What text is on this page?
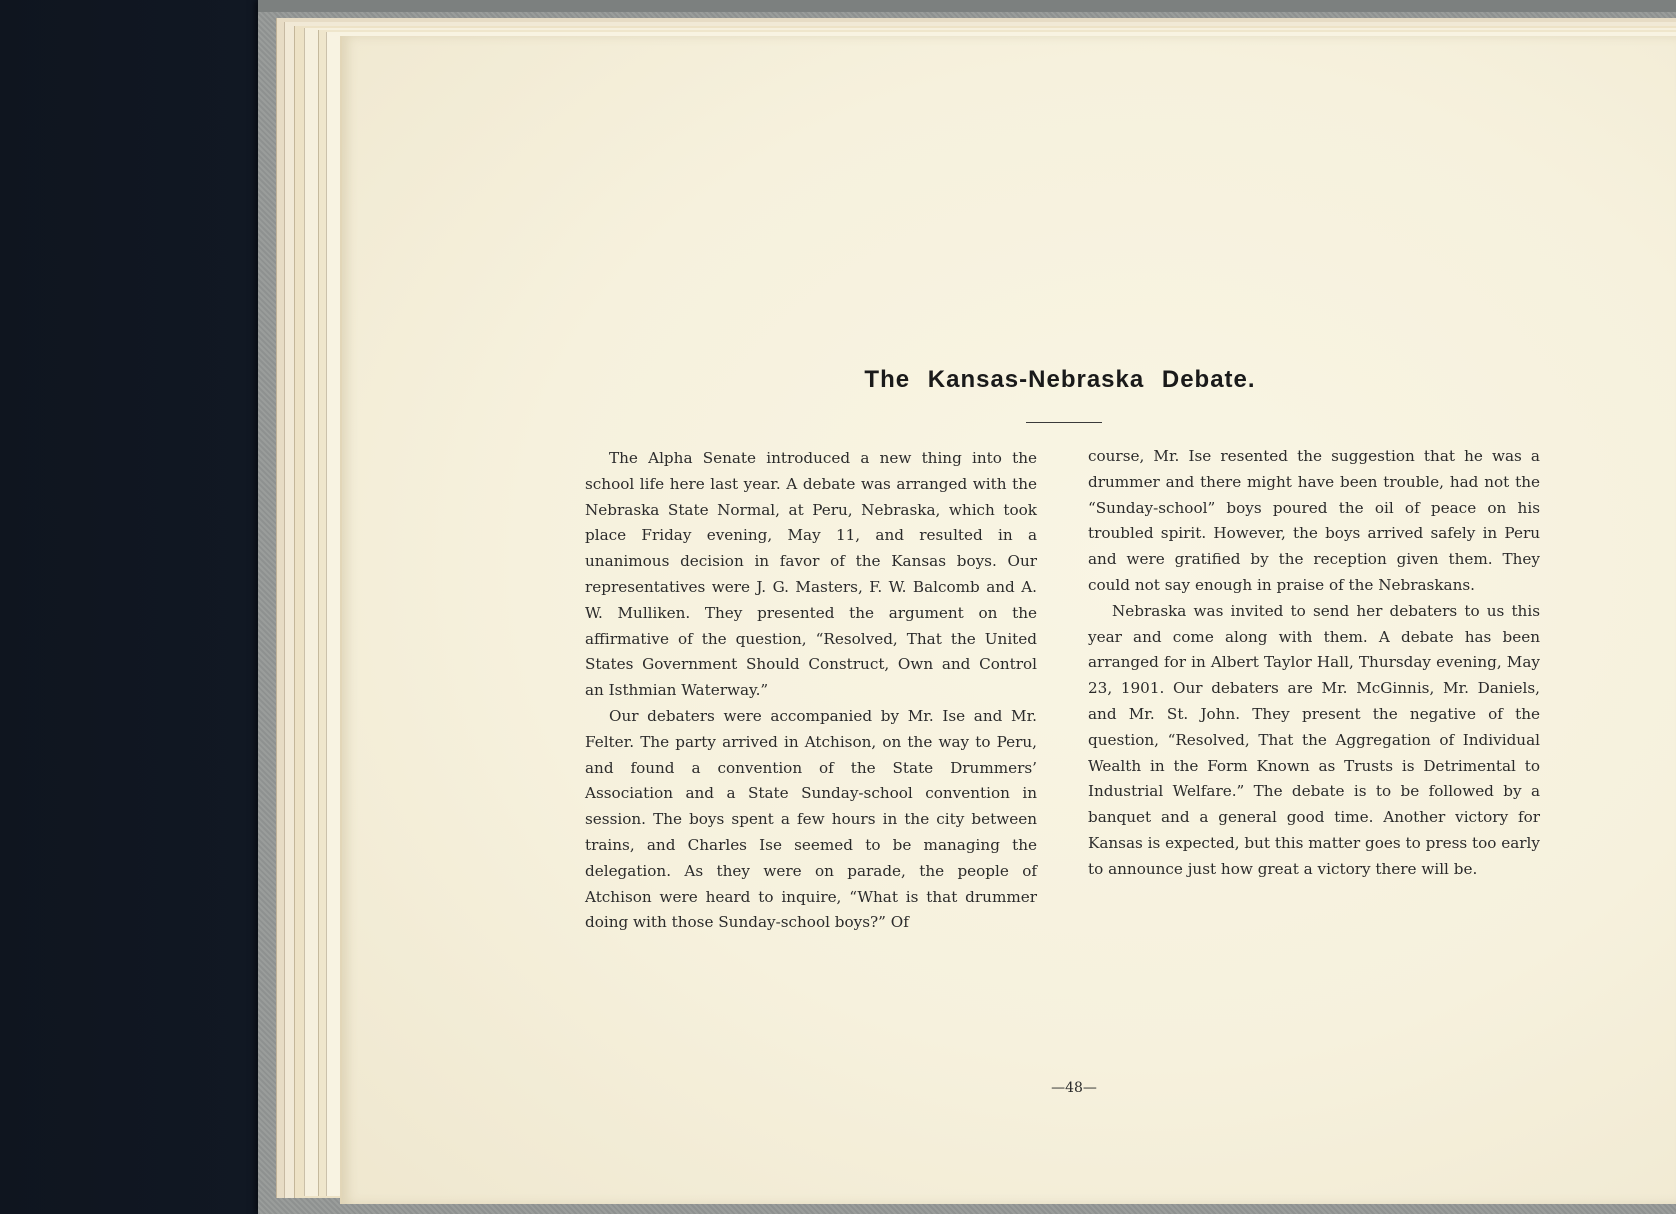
The Kansas-Nebraska Debate.

The Alpha Senate introduced a new thing into the school life here last year. A debate was arranged with the Nebraska State Normal, at Peru, Nebraska, which took place Friday evening, May 11, and resulted in a unanimous decision in favor of the Kansas boys. Our representatives were J. G. Masters, F. W. Balcomb and A. W. Mulliken. They presented the argument on the affirmative of the question, “Resolved, That the United States Government Should Construct, Own and Control an Isthmian Waterway.”

Our debaters were accompanied by Mr. Ise and Mr. Felter. The party arrived in Atchison, on the way to Peru, and found a convention of the State Drummers’ Association and a State Sunday-school convention in session. The boys spent a few hours in the city between trains, and Charles Ise seemed to be managing the delegation. As they were on parade, the people of Atchison were heard to inquire, “What is that drummer doing with those Sunday-school boys?” Of

course, Mr. Ise resented the suggestion that he was a drummer and there might have been trouble, had not the “Sunday-school” boys poured the oil of peace on his troubled spirit. However, the boys arrived safely in Peru and were gratified by the reception given them. They could not say enough in praise of the Nebraskans.

Nebraska was invited to send her debaters to us this year and come along with them. A debate has been arranged for in Albert Taylor Hall, Thursday evening, May 23, 1901. Our debaters are Mr. McGinnis, Mr. Daniels, and Mr. St. John. They present the negative of the question, “Resolved, That the Aggregation of Individual Wealth in the Form Known as Trusts is Detrimental to Industrial Welfare.” The debate is to be followed by a banquet and a general good time. Another victory for Kansas is expected, but this matter goes to press too early to announce just how great a victory there will be.

—48—
